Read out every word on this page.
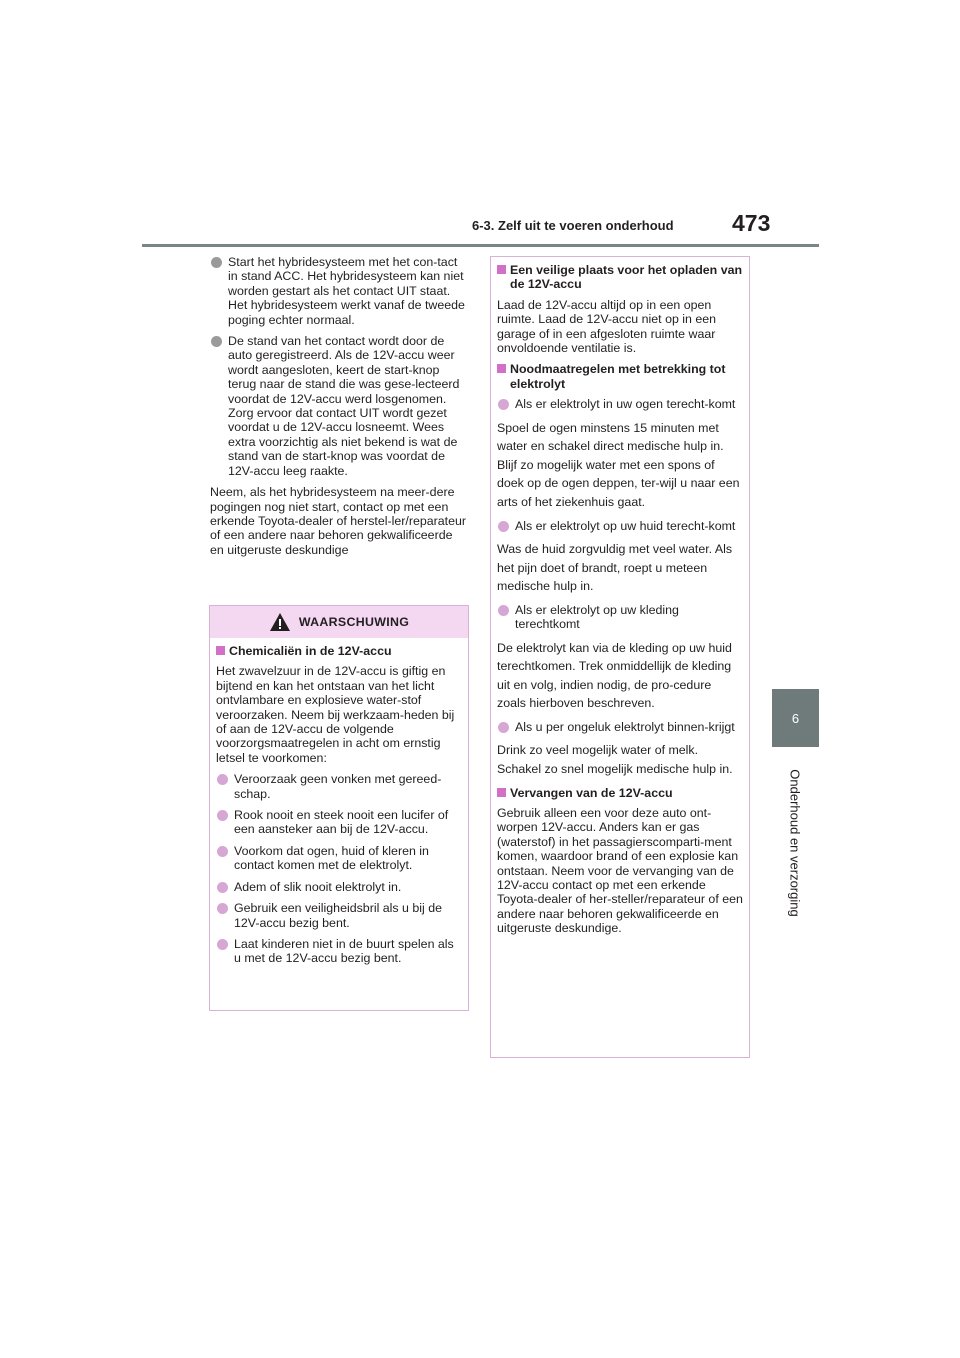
6-3. Zelf uit te voeren onderhoud	473
6
Onderhoud en verzorging
Start het hybridesysteem met het con-tact in stand ACC. Het hybridesysteem kan niet worden gestart als het contact UIT staat. Het hybridesysteem werkt vanaf de tweede poging echter normaal.
De stand van het contact wordt door de auto geregistreerd. Als de 12V-accu weer wordt aangesloten, keert de start-knop terug naar de stand die was gese-lecteerd voordat de 12V-accu werd losgenomen. Zorg ervoor dat contact UIT wordt gezet voordat u de 12V-accu losneemt. Wees extra voorzichtig als niet bekend is wat de stand van de start-knop was voordat de 12V-accu leeg raakte.

Neem, als het hybridesysteem na meer-dere pogingen nog niet start, contact op met een erkende Toyota-dealer of herstel-ler/reparateur of een andere naar behoren gekwalificeerde en uitgeruste deskundige

WAARSCHUWING
Chemicaliën in de 12V-accu

Het zwavelzuur in de 12V-accu is giftig en bijtend en kan het ontstaan van het licht ontvlambare en explosieve water-stof veroorzaken. Neem bij werkzaam-heden bij of aan de 12V-accu de volgende voorzorgsmaatregelen in acht om ernstig letsel te voorkomen:

Veroorzaak geen vonken met gereed-schap.
Rook nooit en steek nooit een lucifer of een aansteker aan bij de 12V-accu.
Voorkom dat ogen, huid of kleren in contact komen met de elektrolyt.
Adem of slik nooit elektrolyt in.
Gebruik een veiligheidsbril als u bij de 12V-accu bezig bent.
Laat kinderen niet in de buurt spelen als u met de 12V-accu bezig bent.
Een veilige plaats voor het opladen van de 12V-accu

Laad de 12V-accu altijd op in een open ruimte. Laad de 12V-accu niet op in een garage of in een afgesloten ruimte waar onvoldoende ventilatie is.

Noodmaatregelen met betrekking tot elektrolyt
Als er elektrolyt in uw ogen terecht-komt

Spoel de ogen minstens 15 minuten met water en schakel direct medische hulp in. Blijf zo mogelijk water met een spons of doek op de ogen deppen, ter-wijl u naar een arts of het ziekenhuis gaat.

Als er elektrolyt op uw huid terecht-komt

Was de huid zorgvuldig met veel water. Als het pijn doet of brandt, roept u meteen medische hulp in.

Als er elektrolyt op uw kleding terechtkomt

De elektrolyt kan via de kleding op uw huid terechtkomen. Trek onmiddellijk de kleding uit en volg, indien nodig, de pro-cedure zoals hierboven beschreven.

Als u per ongeluk elektrolyt binnen-krijgt

Drink zo veel mogelijk water of melk. Schakel zo snel mogelijk medische hulp in.

Vervangen van de 12V-accu

Gebruik alleen een voor deze auto ont-worpen 12V-accu. Anders kan er gas (waterstof) in het passagierscomparti-ment komen, waardoor brand of een explosie kan ontstaan. Neem voor de vervanging van de 12V-accu contact op met een erkende Toyota-dealer of her-steller/reparateur of een andere naar behoren gekwalificeerde en uitgeruste deskundige.
